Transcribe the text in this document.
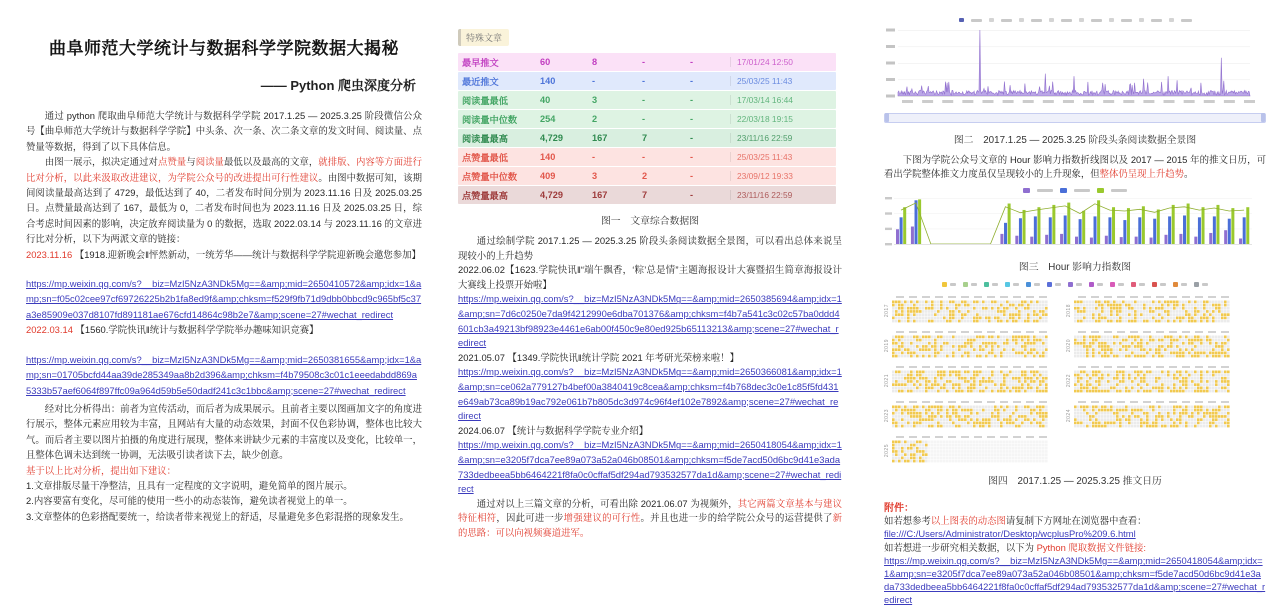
曲阜师范大学统计与数据科学学院数据大揭秘
—— Python 爬虫深度分析

通过 python 爬取曲阜师范大学统计与数据科学学院 2017.1.25 — 2025.3.25 阶段微信公众号【曲阜师范大学统计与数据科学学院】中头条、次一条、次二条文章的发文时间、阅读量、点赞量等数据，得到了以下具体信息。

由图一展示，拟决定通过对点赞量与阅读量最低以及最高的文章，就排版、内容等方面进行比对分析，以此来汲取改进建议，为学院公众号的改进提出可行性建议。由图中数据可知，该期间阅读量最高达到了 4729，最低达到了 40，二者发布时间分别为 2023.11.16 日及 2025.03.25 日。点赞量最高达到了 167，最低为 0，二者发布时间也为 2023.11.16 日及 2025.03.25 日，综合考虑时间因素的影响，决定放弃阅读量为 0 的数据，选取 2022.03.14 与 2023.11.16 的文章进行比对分析，以下为两派文章的链接：

2023.11.16 【1918.迎新晚会‖怦然新动，一统芳华——统计与数据科学学院迎新晚会邀您参加】

https://mp.weixin.qq.com/s?__biz=MzI5NzA3NDk5Mg==&amp;mid=2650410572&amp;idx=1&amp;sn=f05c02cee97cf69726225b2b1fa8ed9f&amp;chksm=f529f9fb71d9dbb0bbcd9c965bf5c37a3e85909e037d8107fd891181ae676cfd14864c98b2e7&amp;scene=27#wechat_redirect

2022.03.14 【1560.学院快讯‖统计与数据科学学院举办趣味知识竞赛】

https://mp.weixin.qq.com/s?__biz=MzI5NzA3NDk5Mg==&amp;mid=2650381655&amp;idx=1&amp;sn=01705bcfd44aa39de285349aa8b2d396&amp;chksm=f4b79508c3c01c1eeedabdd869a5333b57aef6064f897ffc09a964d59b5e50dadf241c3c1bbc&amp;scene=27#wechat_redirect

经对比分析得出：前者为宣传活动，而后者为成果展示。且前者主要以图画加文字的角度进行展示，整体元素应用较为丰富，且网站有大量的动态效果，封面不仅色彩协调，整体也比较大气。而后者主要以图片拍摄的角度进行展现，整体来讲缺少元素的丰富度以及变化，比较单一，且整体色调未达到统一协调，无法吸引读者读下去，缺少创意。

基于以上比对分析，提出如下建议：

1.文章排版尽量干净整洁，且具有一定程度的文字说明，避免简单的图片展示。

2.内容要富有变化，尽可能的使用一些小的动态装饰，避免读者视觉上的单一。

3.文章整体的色彩搭配要统一，给读者带来视觉上的舒适，尽量避免多色彩混搭的现象发生。

特殊文章
最早推文	60	8	-	-	17/01/24 12:50
最近推文	140	-	-	-	25/03/25 11:43
阅读量最低	40	3	-	-	17/03/14 16:44
阅读量中位数	254	2	-	-	22/03/18 19:15
阅读量最高	4,729	167	7	-	23/11/16 22:59
点赞量最低	140	-	-	-	25/03/25 11:43
点赞量中位数	409	3	2	-	23/09/12 19:33
点赞量最高	4,729	167	7	-	23/11/16 22:59
图一　文章综合数据图

通过绘制学院 2017.1.25 — 2025.3.25 阶段头条阅读数据全景图，可以看出总体来说呈现较小的上升趋势

2022.06.02【1623.学院快讯‖“端午飘香，‘粽’总是情”主题海报设计大赛暨招生简章海报设计大赛线上投票开始啦】

https://mp.weixin.qq.com/s?__biz=MzI5NzA3NDk5Mg==&amp;mid=2650385694&amp;idx=1&amp;sn=7d6c0250e7da9f4212990e6dba701376&amp;chksm=f4b7a541c3c02c57ba0ddd4601cb3a49213bf98923e4461e6ab00f450c9e80ed925b65113213&amp;scene=27#wechat_redirect

2021.05.07 【1349.学院快讯‖统计学院 2021 年考研光荣榜来啦！】

https://mp.weixin.qq.com/s?__biz=MzI5NzA3NDk5Mg==&amp;mid=2650366081&amp;idx=1&amp;sn=ce062a779127b4bef00a3840419c8cea&amp;chksm=f4b768dec3c0e1c85f5fd431e649ab73ca89b19ac792e061b7b805dc3d974c96f4ef102e7892&amp;scene=27#wechat_redirect

2024.06.07 【统计与数据科学学院专业介绍】

https://mp.weixin.qq.com/s?__biz=MzI5NzA3NDk5Mg==&amp;mid=2650418054&amp;idx=1&amp;sn=e3205f7dca7ee89a073a52a046b08501&amp;chksm=f5de7acd50d6bc9d41e3ada733dedbeea5bb6464221f8fa0c0cffaf5df294ad793532577da1d&amp;scene=27#wechat_redirect

通过对以上三篇文章的分析，可看出除 2021.06.07 为视频外，其它两篇文章基本与建议特征相符，因此可进一步增强建议的可行性。并且也进一步的给学院公众号的运营提供了新的思路：可以向视频赛道进军。

图二　2017.1.25 — 2025.3.25 阶段头条阅读数据全景图

下图为学院公众号文章的 Hour 影响力指数折线图以及 2017 — 2015 年的推文日历，可看出学院整体推文力度虽仅呈现较小的上升现象，但整体仍呈现上升趋势。

图三　Hour 影响力指数图
2017	2018
2019	2020
2021	2022
2023	2024
2025
图四　2017.1.25 — 2025.3.25 推文日历
附件：

如若想参考以上图表的动态图请复制下方网址在浏览器中查看：

file:///C:/Users/Administrator/Desktop/wcplusPro%209.6.html

如若想进一步研究相关数据，以下为 Python 爬取数据文件链接:

https://mp.weixin.qq.com/s?__biz=MzI5NzA3NDk5Mg==&amp;mid=2650418054&amp;idx=1&amp;sn=e3205f7dca7ee89a073a52a046b08501&amp;chksm=f5de7acd50d6bc9d41e3ada733dedbeea5bb6464221f8fa0c0cffaf5df294ad793532577da1d&amp;scene=27#wechat_redirect
